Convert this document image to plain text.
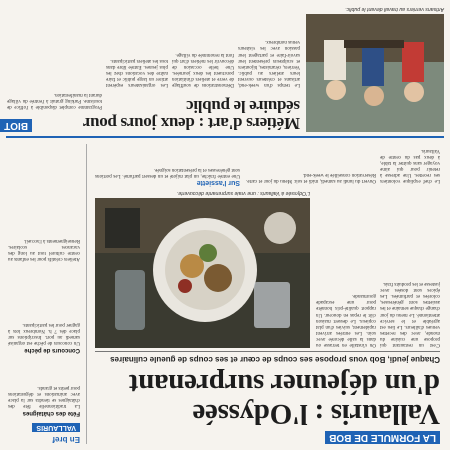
LA FORMULE DE BOB
Vallauris : l'Odyssée
d'un déjeuner surprenant
Chaque jeudi, Bob vous propose ses coups de cœur et ses coups de gueule culinaires
C'est un restaurant qui propose une cuisine du monde, avec des recettes venues d'ailleurs. Le lieu est agréable et le service attentionné. Le menu du jour change chaque semaine et les assiettes sont généreuses, colorées et parfumées. Les épices sont dosées avec justesse et les produits frais.
On s'installe en terrasse ou dans la salle décorée avec soin. Les entrées arrivent rapidement, suivies d'un plat copieux. Le dessert maison clôt le repas en douceur. Un rapport qualité-prix honnête pour une escapade gourmande.
L'Odyssée à Vallauris : une vraie surprenante découverte.
Le chef explique volontiers ses recettes. Une adresse à retenir pour qui aime voyager sans quitter la table, à deux pas du centre de Vallauris.
Ouvert du lundi au samedi, midi et soir. Menu du jour et carte. Réservation conseillée le week-end.
Sur l'assiette
Une entrée fraîche, un plat mijoté et un dessert parfumé. Les portions sont généreuses et la présentation soignée.
En bref
VALLAURIS
Fête des châtaignes
La traditionnelle fête des châtaignes se tiendra sur la place avec animations et dégustations pour petits et grands.
Concours de pêche
Un concours de pêche est organisé samedi au port. Inscriptions sur place dès 7 h. Nombreux lots à gagner pour les participants.
Ateliers créatifs pour les enfants au centre culturel tout au long des vacances scolaires. Renseignements à l'accueil.
BIOT	Métiers d'art : deux jours pour séduire le public
Le temps d'un week-end, artisans et créateurs ouvrent leurs ateliers au public. Verriers, céramistes, bijoutiers et sculpteurs présentent leur savoir-faire et partagent leur passion avec les visiteurs venus nombreux.
Démonstrations de soufflage de verre et ateliers d'initiation ponctuent les deux journées. Une belle occasion de découvrir les métiers d'art qui font la renommée du village.
Les organisateurs espèrent attirer un large public et faire naître des vocations chez les plus jeunes. Entrée libre dans tous les ateliers participants.
Programme complet disponible à l'office de tourisme. Parking gratuit à l'entrée du village durant la manifestation.
Artisans verriers au travail devant le public.
